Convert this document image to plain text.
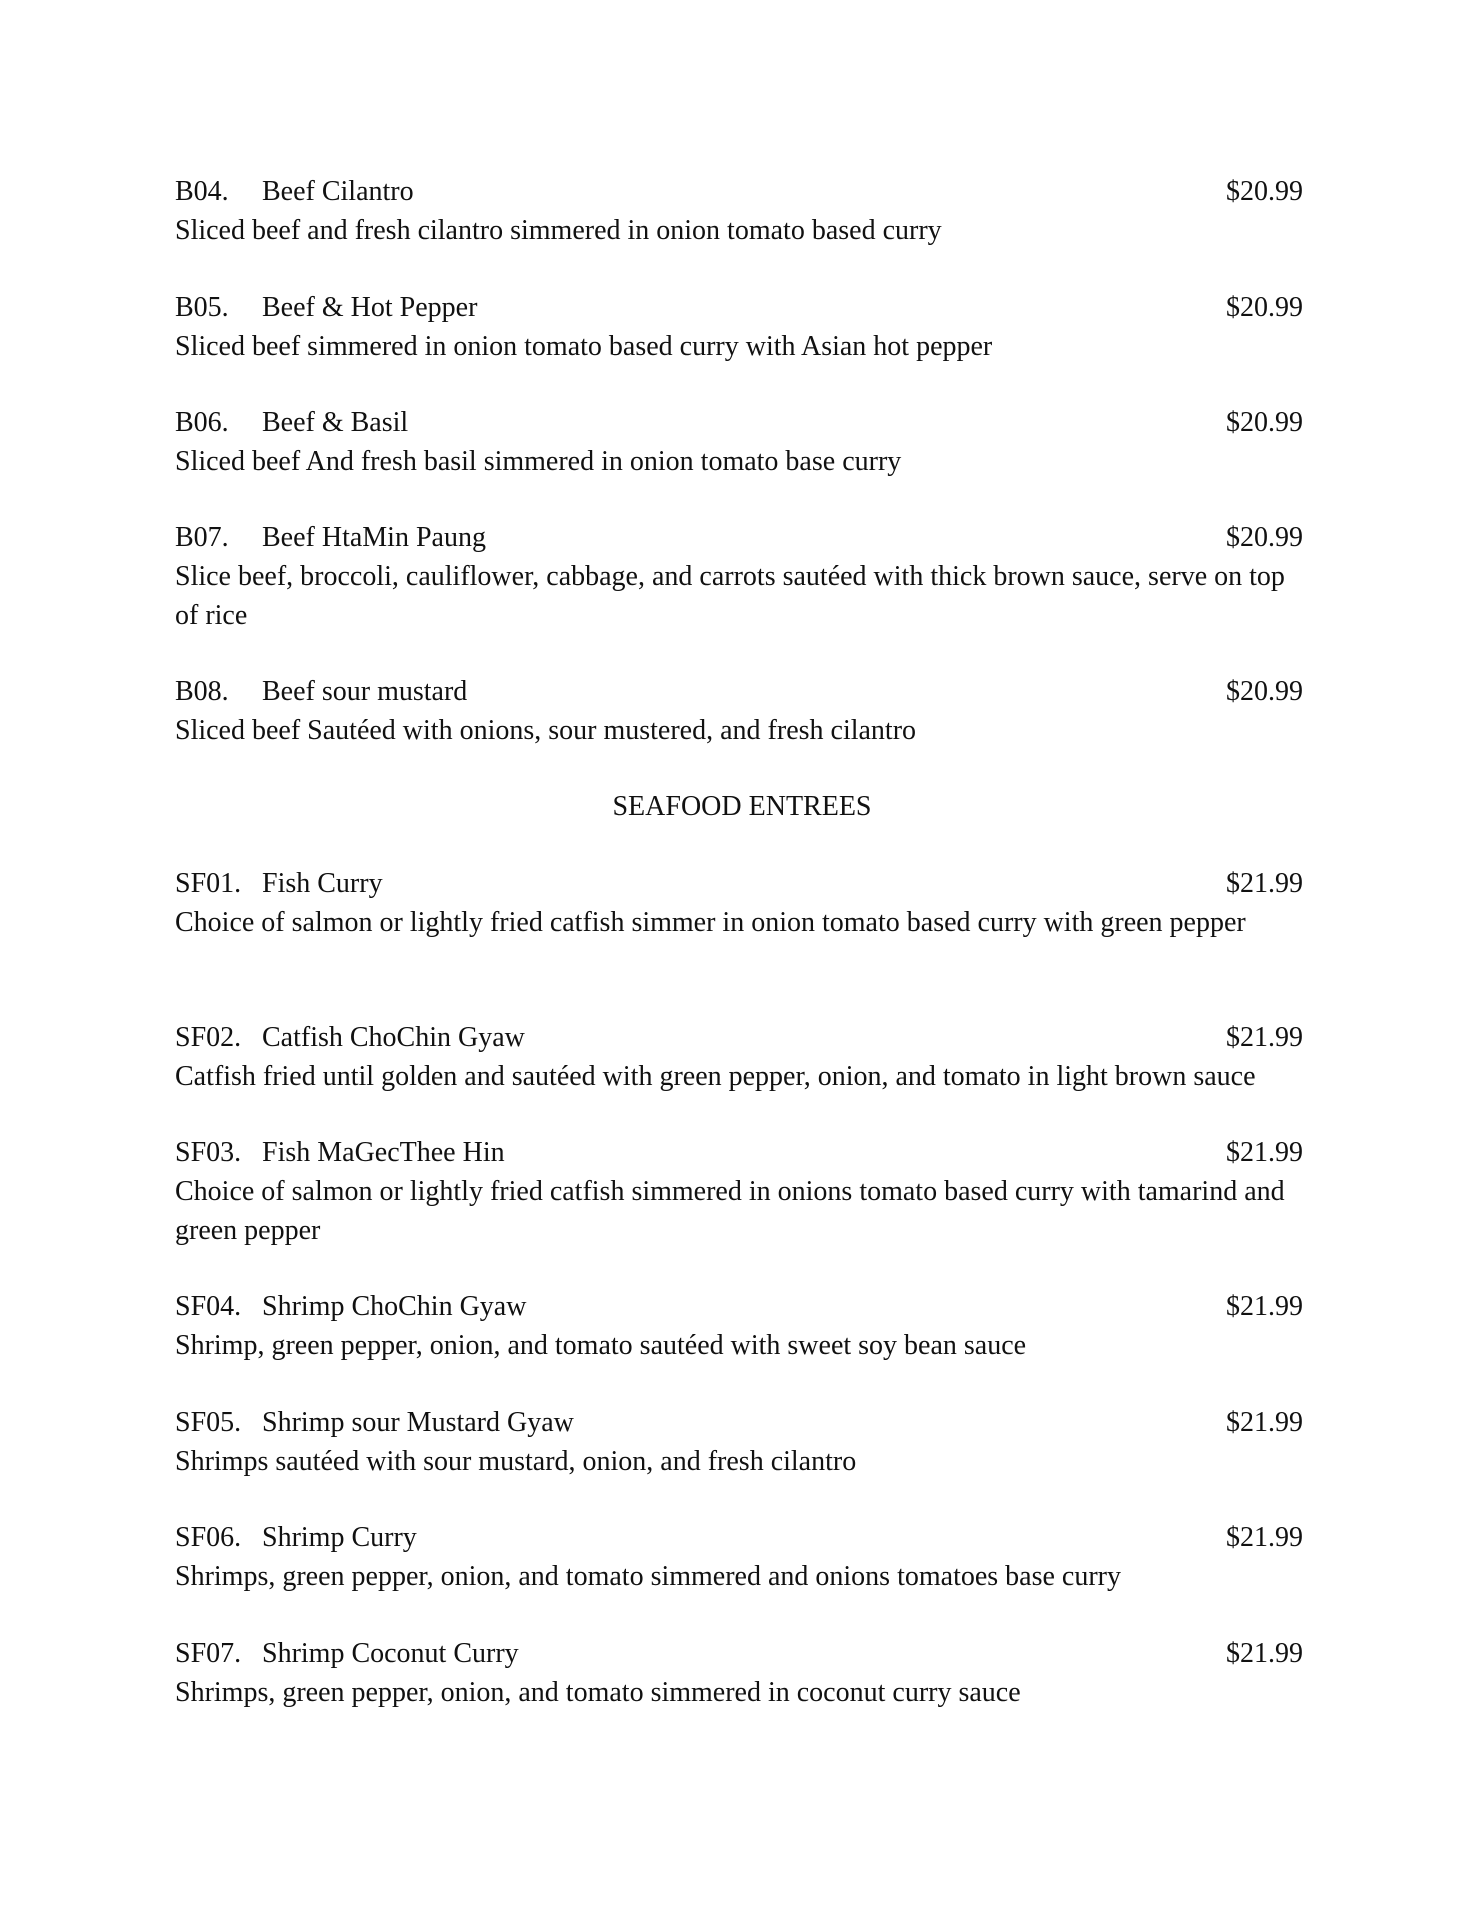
B04. Beef Cilantro	$20.99
Sliced beef and fresh cilantro simmered in onion tomato based curry
B05. Beef & Hot Pepper	$20.99
Sliced beef simmered in onion tomato based curry with Asian hot pepper
B06. Beef & Basil	$20.99
Sliced beef And fresh basil simmered in onion tomato base curry
B07. Beef HtaMin Paung	$20.99
Slice beef, broccoli, cauliflower, cabbage, and carrots sautéed with thick brown sauce, serve on top of rice
B08. Beef sour mustard	$20.99
Sliced beef Sautéed with onions, sour mustered, and fresh cilantro
SEAFOOD ENTREES
SF01. Fish Curry	$21.99
Choice of salmon or lightly fried catfish simmer in onion tomato based curry with green pepper
SF02. Catfish ChoChin Gyaw	$21.99
Catfish fried until golden and sautéed with green pepper, onion, and tomato in light brown sauce
SF03. Fish MaGecThee Hin	$21.99
Choice of salmon or lightly fried catfish simmered in onions tomato based curry with tamarind and green pepper
SF04. Shrimp ChoChin Gyaw	$21.99
Shrimp, green pepper, onion, and tomato sautéed with sweet soy bean sauce
SF05. Shrimp sour Mustard Gyaw	$21.99
Shrimps sautéed with sour mustard, onion, and fresh cilantro
SF06. Shrimp Curry	$21.99
Shrimps, green pepper, onion, and tomato simmered and onions tomatoes base curry
SF07. Shrimp Coconut Curry	$21.99
Shrimps, green pepper, onion, and tomato simmered in coconut curry sauce
